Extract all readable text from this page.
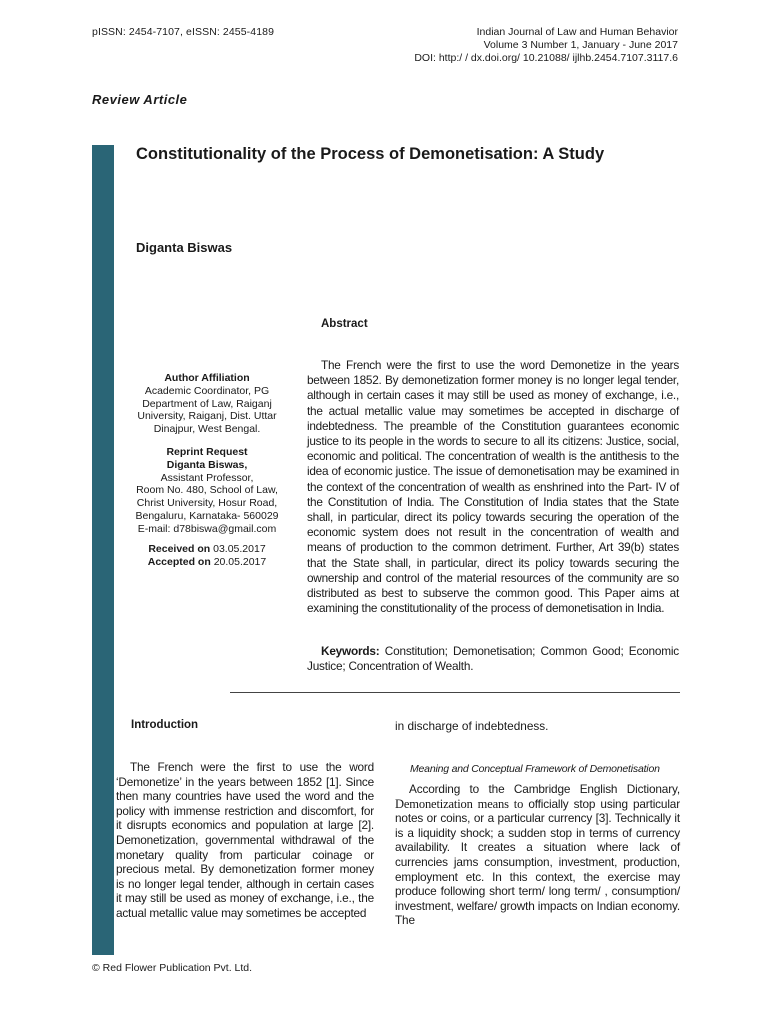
pISSN: 2454-7107, eISSN: 2455-4189	Indian Journal of Law and Human Behavior
Volume 3 Number 1, January - June 2017
DOI: http:/ / dx.doi.org/ 10.21088/ ijlhb.2454.7107.3117.6
Review Article
Constitutionality of the Process of Demonetisation: A Study
Diganta Biswas
Abstract

The French were the first to use the word Demonetize in the years between 1852. By demonetization former money is no longer legal tender, although in certain cases it may still be used as money of exchange, i.e., the actual metallic value may sometimes be accepted in discharge of indebtedness. The preamble of the Constitution guarantees economic justice to its people in the words to secure to all its citizens: Justice, social, economic and political. The concentration of wealth is the antithesis to the idea of economic justice. The issue of demonetisation may be examined in the context of the concentration of wealth as enshrined into the Part- IV of the Constitution of India. The Constitution of India states that the State shall, in particular, direct its policy towards securing the operation of the economic system does not result in the concentration of wealth and means of production to the common detriment. Further, Art 39(b) states that the State shall, in particular, direct its policy towards securing the ownership and control of the material resources of the community are so distributed as best to subserve the common good. This Paper aims at examining the constitutionality of the process of demonetisation in India.

Keywords: Constitution; Demonetisation; Common Good; Economic Justice; Concentration of Wealth.

Author Affiliation
Academic Coordinator, PG
Department of Law, Raiganj
University, Raiganj, Dist. Uttar
Dinajpur, West Bengal.
Reprint Request
Diganta Biswas,
Assistant Professor,
Room No. 480, School of Law,
Christ University, Hosur Road,
Bengaluru, Karnataka- 560029
E-mail: d78biswa@gmail.com
Received on 03.05.2017
Accepted on 20.05.2017
Introduction

The French were the first to use the word ‘Demonetize’ in the years between 1852 [1]. Since then many countries have used the word and the policy with immense restriction and discomfort, for it disrupts economics and population at large [2]. Demonetization, governmental withdrawal of the monetary quality from particular coinage or precious metal. By demonetization former money is no longer legal tender, although in certain cases it may still be used as money of exchange, i.e., the actual metallic value may sometimes be accepted

in discharge of indebtedness.
Meaning and Conceptual Framework of Demonetisation

According to the Cambridge English Dictionary, Demonetization means to officially stop using particular notes or coins, or a particular currency [3]. Technically it is a liquidity shock; a sudden stop in terms of currency availability. It creates a situation where lack of currencies jams consumption, investment, production, employment etc. In this context, the exercise may produce following short term/ long term/ , consumption/ investment, welfare/ growth impacts on Indian economy. The

© Red Flower Publication Pvt. Ltd.
